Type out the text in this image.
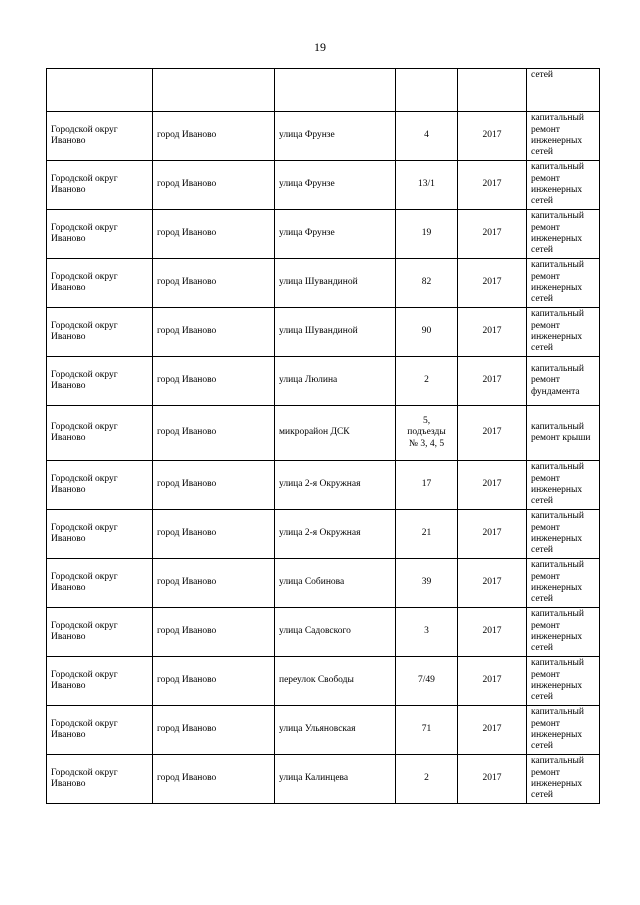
19
					сетей
Городской округ
Иваново	город Иваново	улица Фрунзе	4	2017	капитальный
ремонт
инженерных
сетей
Городской округ
Иваново	город Иваново	улица Фрунзе	13/1	2017	капитальный
ремонт
инженерных
сетей
Городской округ
Иваново	город Иваново	улица Фрунзе	19	2017	капитальный
ремонт
инженерных
сетей
Городской округ
Иваново	город Иваново	улица Шувандиной	82	2017	капитальный
ремонт
инженерных
сетей
Городской округ
Иваново	город Иваново	улица Шувандиной	90	2017	капитальный
ремонт
инженерных
сетей
Городской округ
Иваново	город Иваново	улица Люлина	2	2017	капитальный
ремонт
фундамента
Городской округ
Иваново	город Иваново	микрорайон ДСК	5,
подъезды
№ 3, 4, 5	2017	капитальный
ремонт крыши
Городской округ
Иваново	город Иваново	улица 2-я Окружная	17	2017	капитальный
ремонт
инженерных
сетей
Городской округ
Иваново	город Иваново	улица 2-я Окружная	21	2017	капитальный
ремонт
инженерных
сетей
Городской округ
Иваново	город Иваново	улица Собинова	39	2017	капитальный
ремонт
инженерных
сетей
Городской округ
Иваново	город Иваново	улица Садовского	3	2017	капитальный
ремонт
инженерных
сетей
Городской округ
Иваново	город Иваново	переулок Свободы	7/49	2017	капитальный
ремонт
инженерных
сетей
Городской округ
Иваново	город Иваново	улица Ульяновская	71	2017	капитальный
ремонт
инженерных
сетей
Городской округ
Иваново	город Иваново	улица Калинцева	2	2017	капитальный
ремонт
инженерных
сетей
